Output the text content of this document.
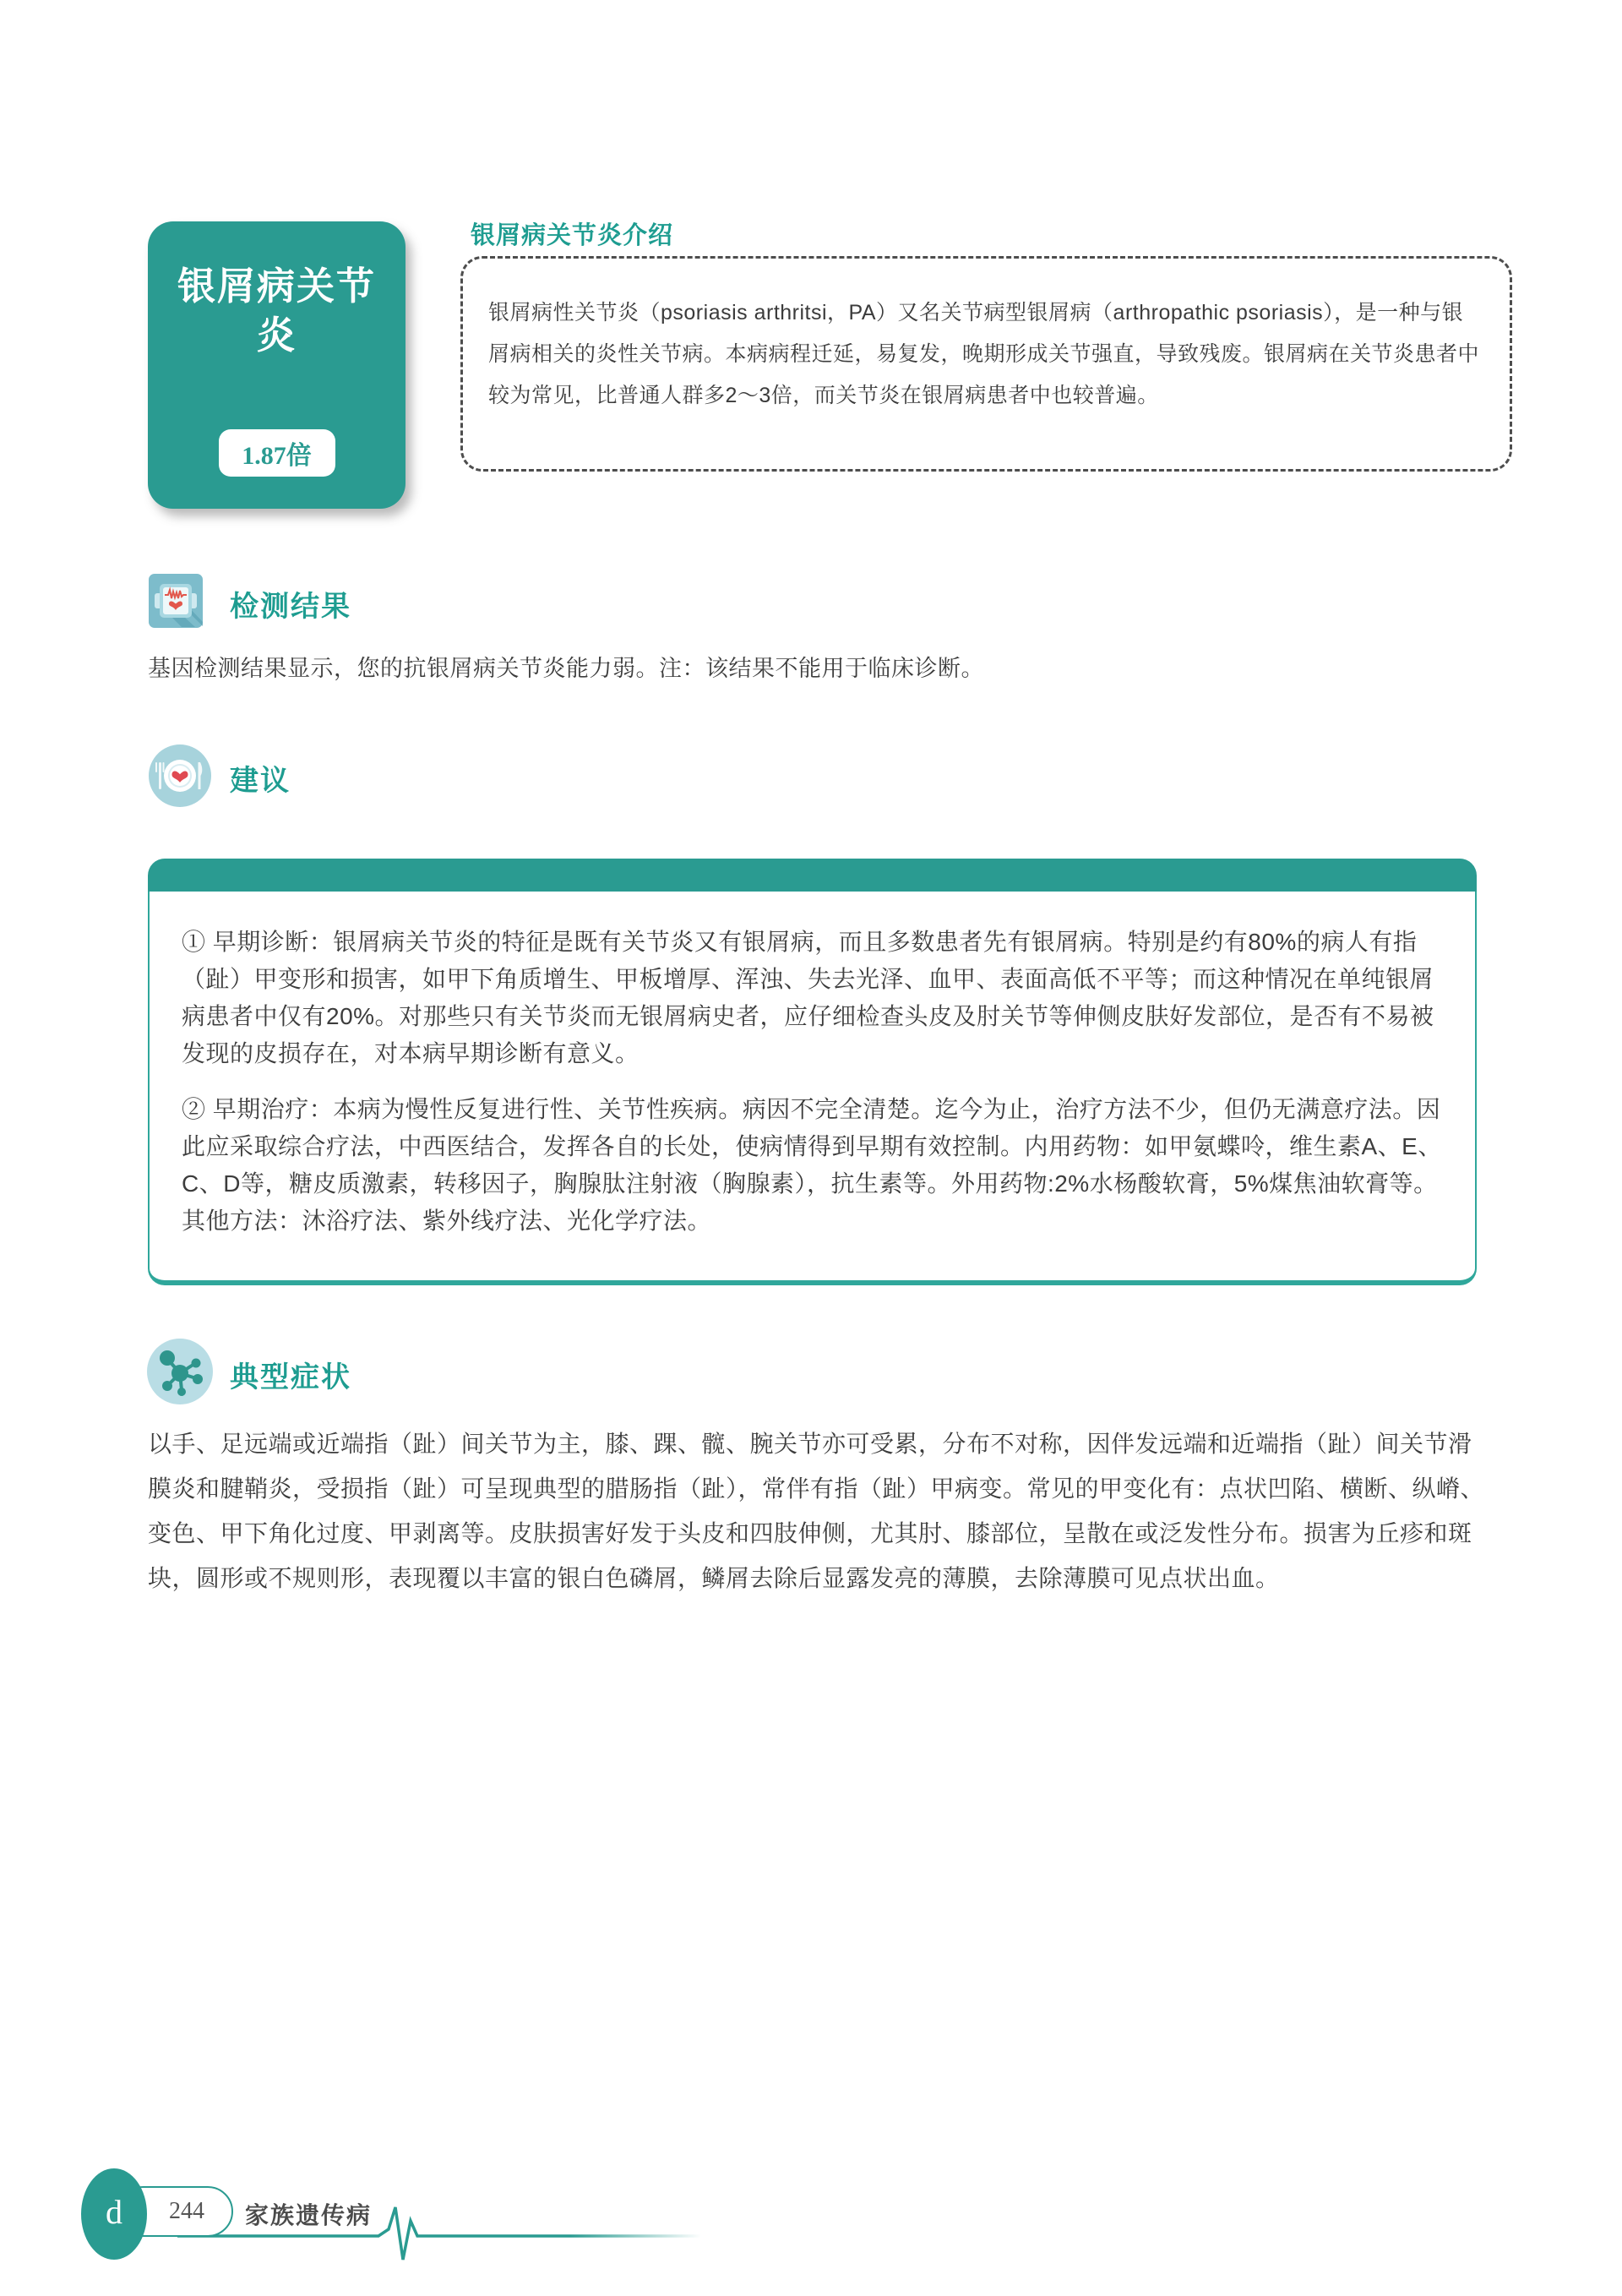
银屑病关节炎
1.87倍
银屑病关节炎介绍

银屑病性关节炎（psoriasis arthritsi，PA）又名关节病型银屑病（arthropathic psoriasis），是一种与银屑病相关的炎性关节病。本病病程迁延，易复发，晚期形成关节强直，导致残废。银屑病在关节炎患者中较为常见，比普通人群多2～3倍，而关节炎在银屑病患者中也较普遍。

检测结果
基因检测结果显示，您的抗银屑病关节炎能力弱。注：该结果不能用于临床诊断。
建议

① 早期诊断：银屑病关节炎的特征是既有关节炎又有银屑病，而且多数患者先有银屑病。特别是约有80%的病人有指（趾）甲变形和损害，如甲下角质增生、甲板增厚、浑浊、失去光泽、血甲、表面高低不平等；而这种情况在单纯银屑病患者中仅有20%。对那些只有关节炎而无银屑病史者，应仔细检查头皮及肘关节等伸侧皮肤好发部位，是否有不易被发现的皮损存在，对本病早期诊断有意义。

② 早期治疗：本病为慢性反复进行性、关节性疾病。病因不完全清楚。迄今为止，治疗方法不少，但仍无满意疗法。因此应采取综合疗法，中西医结合，发挥各自的长处，使病情得到早期有效控制。内用药物：如甲氨蝶呤，维生素A、E、C、D等，糖皮质激素，转移因子，胸腺肽注射液（胸腺素），抗生素等。外用药物:2%水杨酸软膏，5%煤焦油软膏等。其他方法：沐浴疗法、紫外线疗法、光化学疗法。

典型症状
以手、足远端或近端指（趾）间关节为主，膝、踝、髋、腕关节亦可受累，分布不对称，因伴发远端和近端指（趾）间关节滑膜炎和腱鞘炎，受损指（趾）可呈现典型的腊肠指（趾），常伴有指（趾）甲病变。常见的甲变化有：点状凹陷、横断、纵嵴、变色、甲下角化过度、甲剥离等。皮肤损害好发于头皮和四肢伸侧，尤其肘、膝部位，呈散在或泛发性分布。损害为丘疹和斑块，圆形或不规则形，表现覆以丰富的银白色磷屑，鳞屑去除后显露发亮的薄膜，去除薄膜可见点状出血。
244
d	家族遗传病
